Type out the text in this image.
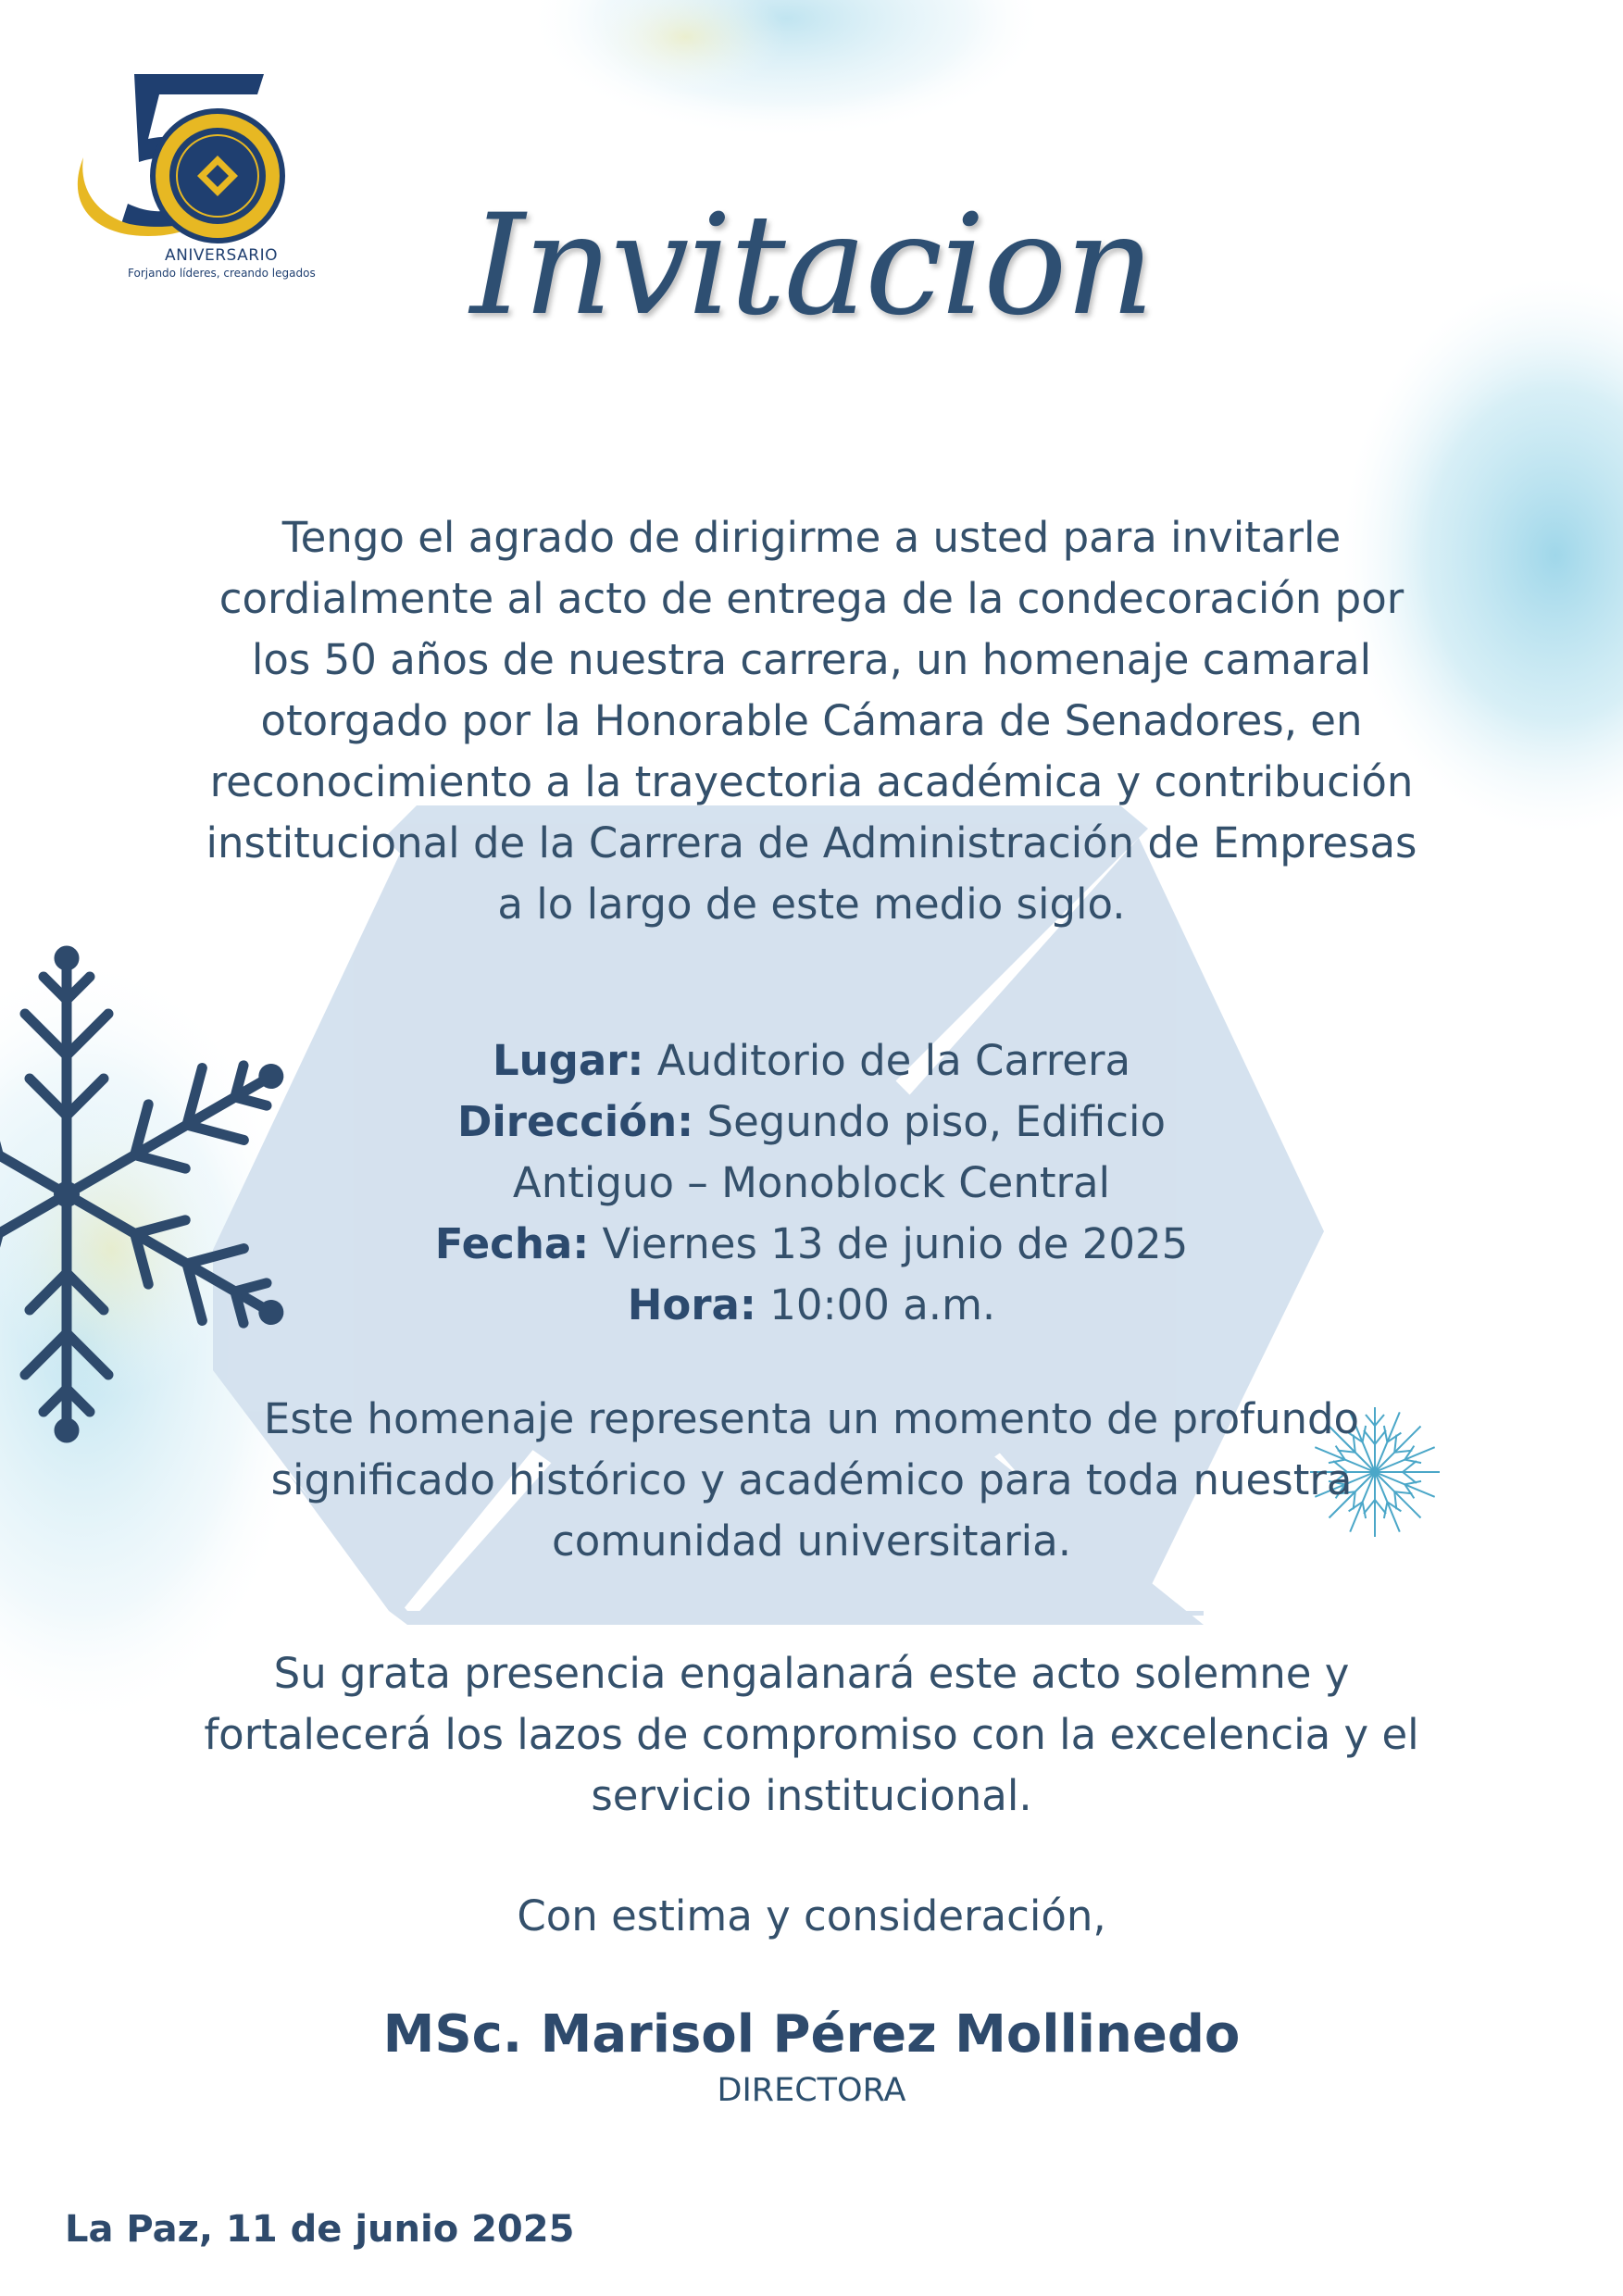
ANIVERSARIO
Forjando líderes, creando legados	Invitacion

Tengo el agrado de dirigirme a usted para invitarle

cordialmente al acto de entrega de la condecoración por

los 50 años de nuestra carrera, un homenaje camaral

otorgado por la Honorable Cámara de Senadores, en

reconocimiento a la trayectoria académica y contribución

institucional de la Carrera de Administración de Empresas

a lo largo de este medio siglo.

Lugar: Auditorio de la Carrera

Dirección: Segundo piso, Edificio

Antiguo – Monoblock Central

Fecha: Viernes 13 de junio de 2025

Hora: 10:00 a.m.

Este homenaje representa un momento de profundo

significado histórico y académico para toda nuestra

comunidad universitaria.

Su grata presencia engalanará este acto solemne y

fortalecerá los lazos de compromiso con la excelencia y el

servicio institucional.

Con estima y consideración,
MSc. Marisol Pérez Mollinedo
DIRECTORA
La Paz, 11 de junio 2025
